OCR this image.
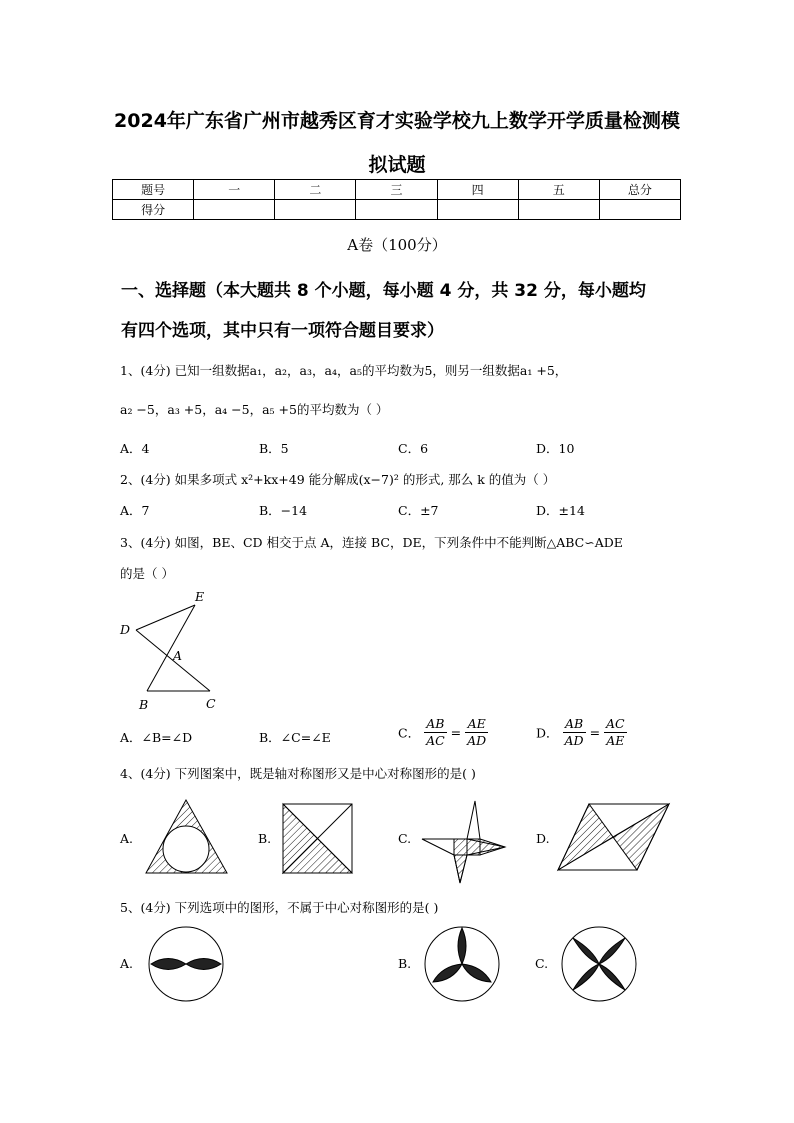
2024年广东省广州市越秀区育才实验学校九上数学开学质量检测模
拟试题
题号	一	二	三	四	五	总分
得分						
A卷（100分）
一、选择题（本大题共 8 个小题，每小题 4 分，共 32 分，每小题均
有四个选项，其中只有一项符合题目要求）
1、(4分) 已知一组数据a₁，a₂，a₃，a₄，a₅的平均数为5，则另一组数据a₁ +5，
a₂ −5，a₃ +5，a₄ −5，a₅ +5的平均数为（ ）
A．4	B．5	C．6	D．10
2、(4分) 如果多项式 x²+kx+49 能分解成(x−7)² 的形式, 那么 k 的值为（ ）
A．7	B．−14	C．±7	D．±14
3、(4分) 如图，BE、CD 相交于点 A，连接 BC，DE，下列条件中不能判断△ABC∽ADE
的是（ ）
D
E
A
B	C
A．∠B=∠D	B．∠C=∠E	C． $\frac{AB}{AC} = \frac{AE}{AD}$	D． $\frac{AB}{AD} = \frac{AC}{AE}$
4、(4分) 下列图案中，既是轴对称图形又是中心对称图形的是( )
A.	B.	C.	D.
5、(4分) 下列选项中的图形，不属于中心对称图形的是( )
A.	B.	C.
